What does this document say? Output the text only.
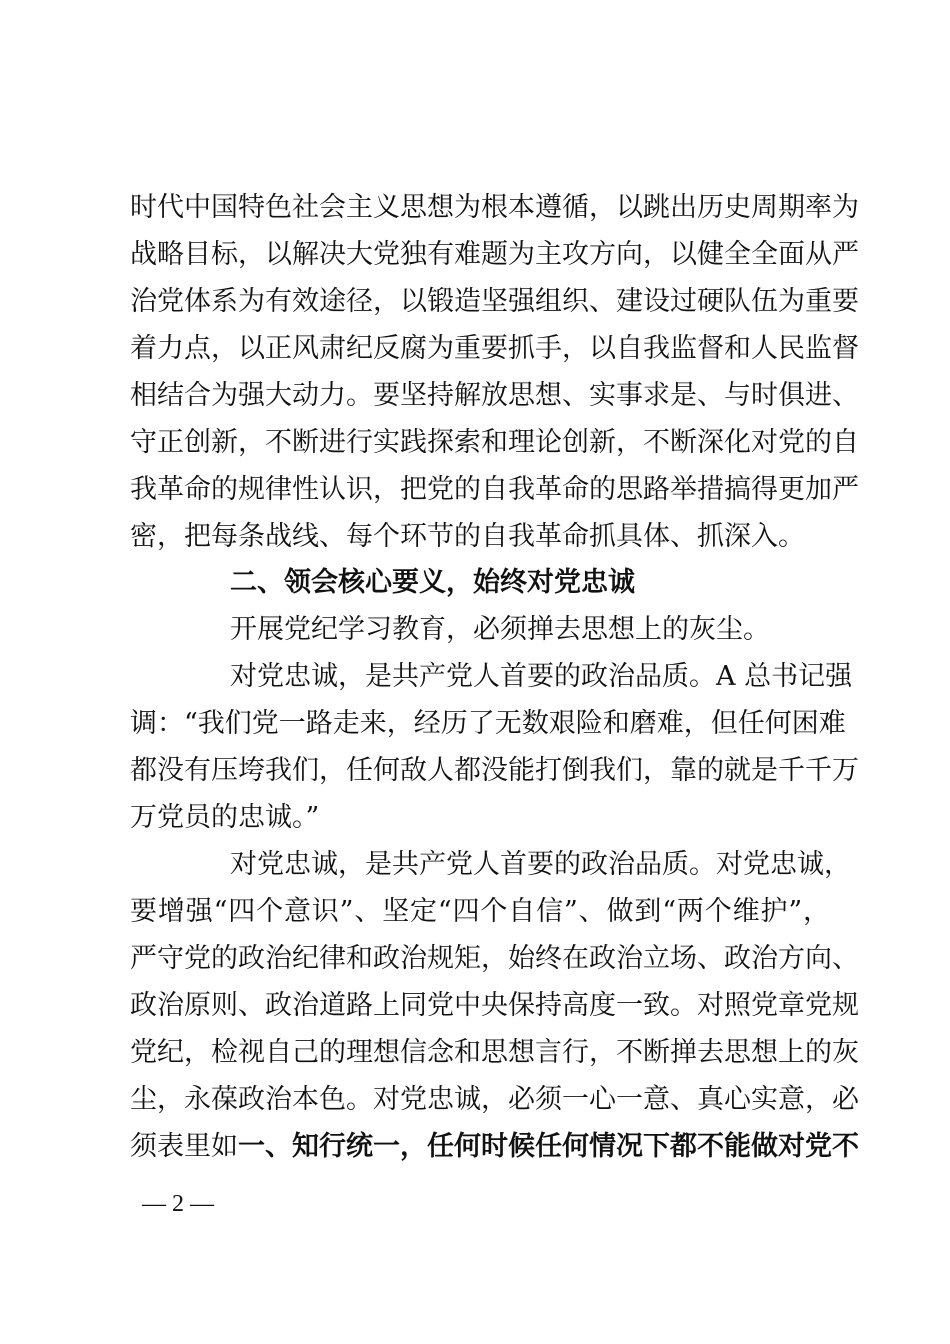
时代中国特色社会主义思想为根本遵循，以跳出历史周期率为
战略目标，以解决大党独有难题为主攻方向，以健全全面从严
治党体系为有效途径，以锻造坚强组织、建设过硬队伍为重要
着力点，以正风肃纪反腐为重要抓手，以自我监督和人民监督
相结合为强大动力。要坚持解放思想、实事求是、与时俱进、
守正创新，不断进行实践探索和理论创新，不断深化对党的自
我革命的规律性认识，把党的自我革命的思路举措搞得更加严
密，把每条战线、每个环节的自我革命抓具体、抓深入。
二、领会核心要义，始终对党忠诚
开展党纪学习教育，必须掸去思想上的灰尘。
对党忠诚，是共产党人首要的政治品质。A 总书记强
调：“我们党一路走来，经历了无数艰险和磨难，但任何困难
都没有压垮我们，任何敌人都没能打倒我们，靠的就是千千万
万党员的忠诚。”
对党忠诚，是共产党人首要的政治品质。对党忠诚，
要增强“四个意识”、坚定“四个自信”、做到“两个维护”，
严守党的政治纪律和政治规矩，始终在政治立场、政治方向、
政治原则、政治道路上同党中央保持高度一致。对照党章党规
党纪，检视自己的理想信念和思想言行，不断掸去思想上的灰
尘，永葆政治本色。对党忠诚，必须一心一意、真心实意，必
须表里如一、知行统一，任何时候任何情况下都不能做对党不
— 2 —
